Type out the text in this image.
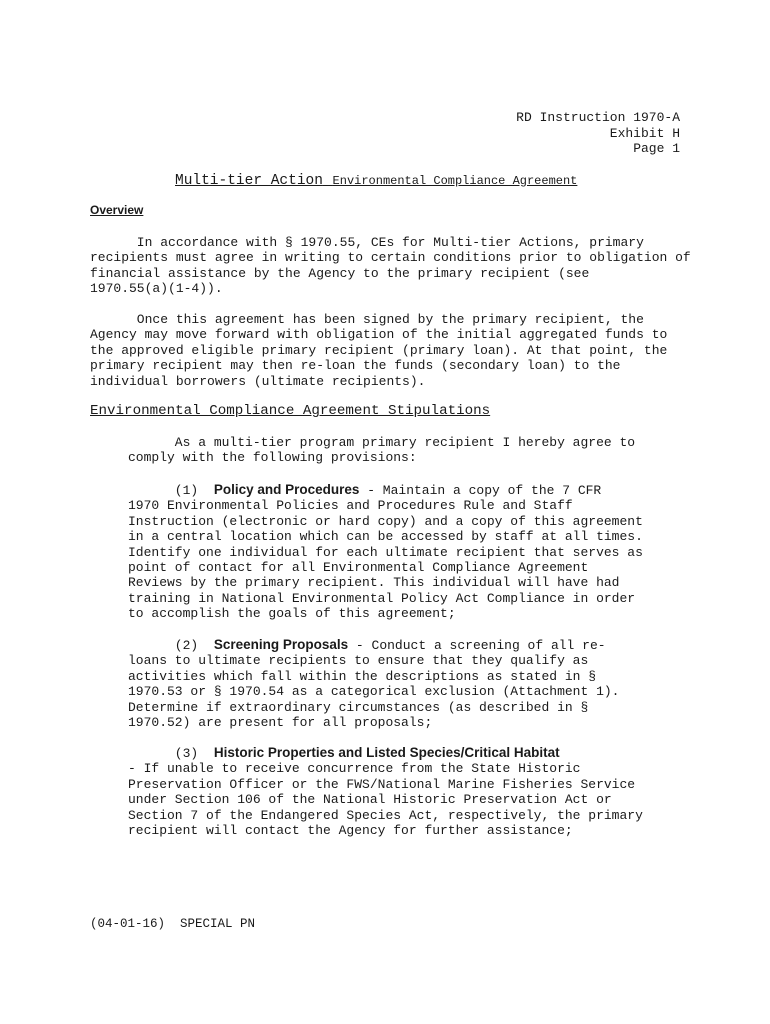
RD Instruction 1970-A
Exhibit H
Page 1
Multi-tier Action Environmental Compliance Agreement
Overview
In accordance with § 1970.55, CEs for Multi-tier Actions, primary
recipients must agree in writing to certain conditions prior to obligation of
financial assistance by the Agency to the primary recipient (see
1970.55(a)(1-4)).
Once this agreement has been signed by the primary recipient, the
Agency may move forward with obligation of the initial aggregated funds to
the approved eligible primary recipient (primary loan). At that point, the
primary recipient may then re-loan the funds (secondary loan) to the
individual borrowers (ultimate recipients).
Environmental Compliance Agreement Stipulations
As a multi-tier program primary recipient I hereby agree to
comply with the following provisions:
(1)  Policy and Procedures - Maintain a copy of the 7 CFR
1970 Environmental Policies and Procedures Rule and Staff
Instruction (electronic or hard copy) and a copy of this agreement
in a central location which can be accessed by staff at all times.
Identify one individual for each ultimate recipient that serves as
point of contact for all Environmental Compliance Agreement
Reviews by the primary recipient. This individual will have had
training in National Environmental Policy Act Compliance in order
to accomplish the goals of this agreement;
(2)  Screening Proposals - Conduct a screening of all re-
loans to ultimate recipients to ensure that they qualify as
activities which fall within the descriptions as stated in §
1970.53 or § 1970.54 as a categorical exclusion (Attachment 1).
Determine if extraordinary circumstances (as described in §
1970.52) are present for all proposals;
(3)  Historic Properties and Listed Species/Critical Habitat
- If unable to receive concurrence from the State Historic
Preservation Officer or the FWS/National Marine Fisheries Service
under Section 106 of the National Historic Preservation Act or
Section 7 of the Endangered Species Act, respectively, the primary
recipient will contact the Agency for further assistance;
(04-01-16)  SPECIAL PN
